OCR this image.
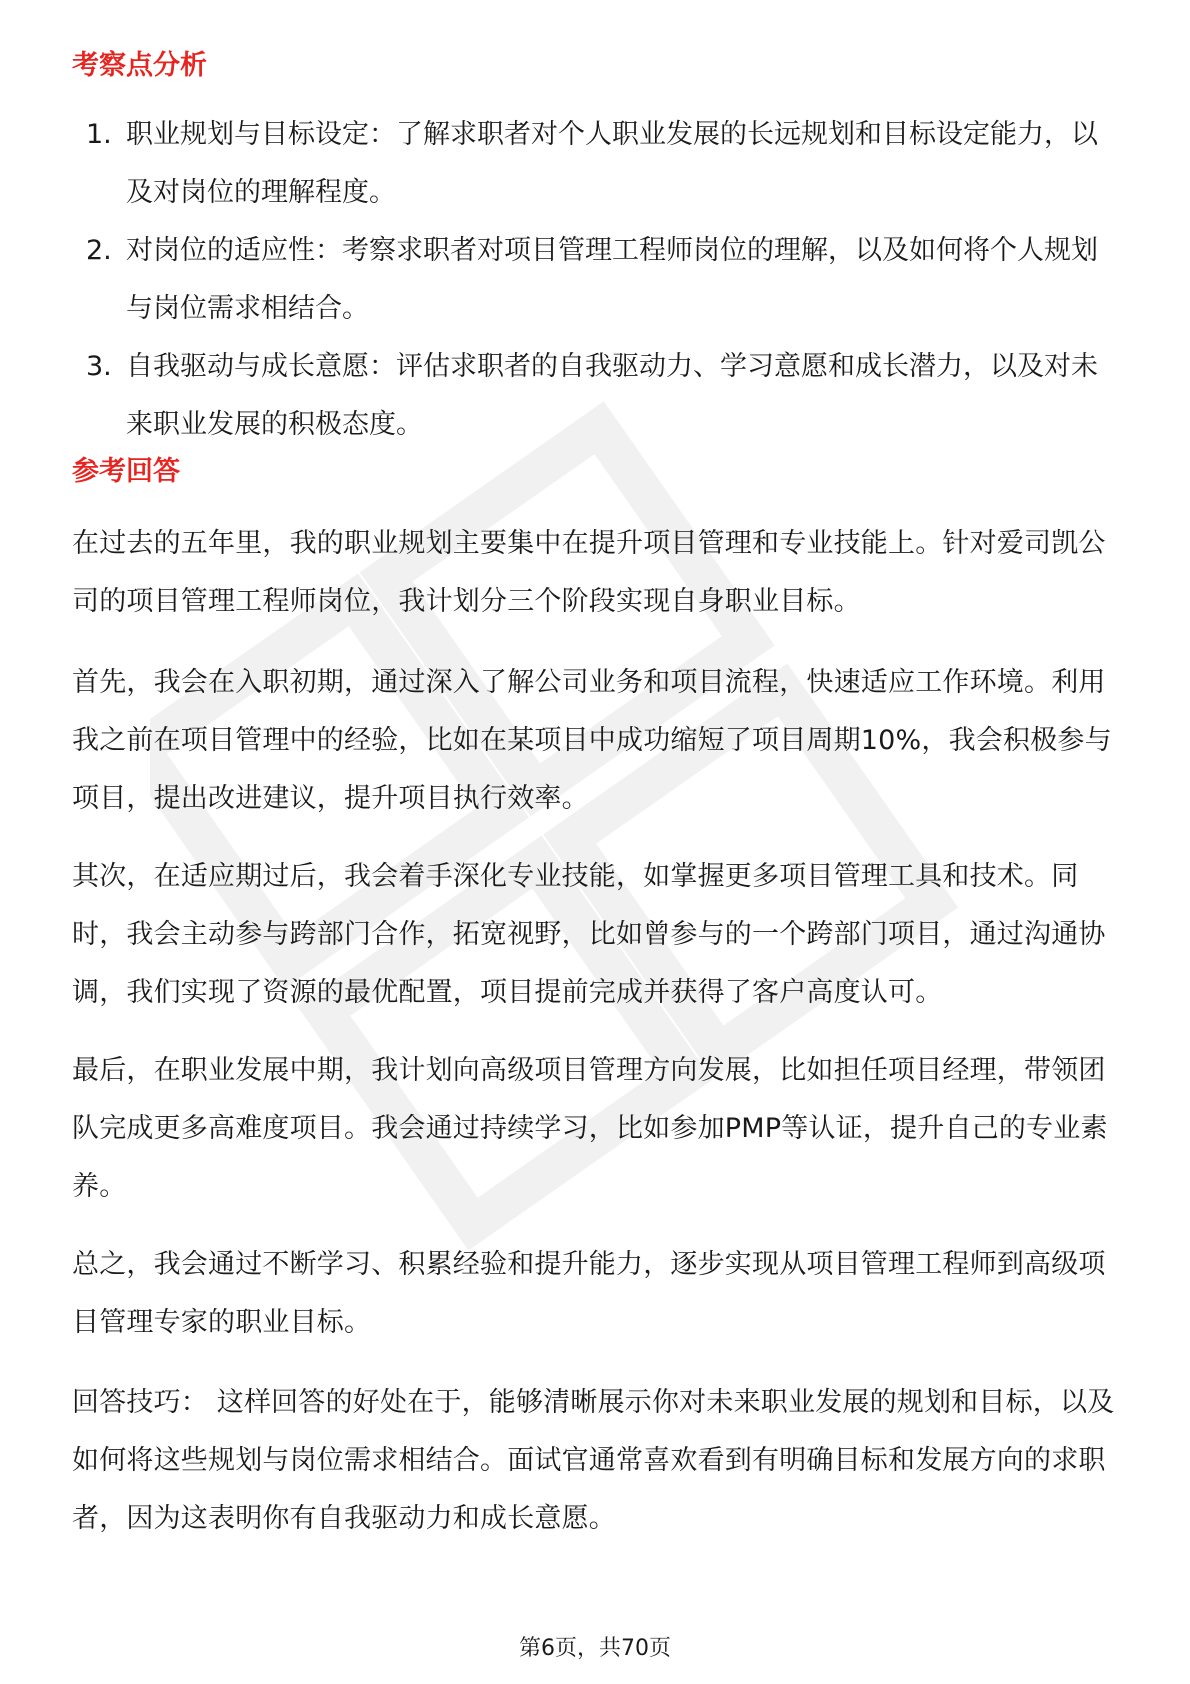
考察点分析
1. 职业规划与目标设定：了解求职者对个人职业发展的长远规划和目标设定能力，以及对岗位的理解程度。
2. 对岗位的适应性：考察求职者对项目管理工程师岗位的理解，以及如何将个人规划与岗位需求相结合。
3. 自我驱动与成长意愿：评估求职者的自我驱动力、学习意愿和成长潜力，以及对未来职业发展的积极态度。
参考回答

在过去的五年里，我的职业规划主要集中在提升项目管理和专业技能上。针对爱司凯公司的项目管理工程师岗位，我计划分三个阶段实现自身职业目标。

首先，我会在入职初期，通过深入了解公司业务和项目流程，快速适应工作环境。利用我之前在项目管理中的经验，比如在某项目中成功缩短了项目周期10%，我会积极参与项目，提出改进建议，提升项目执行效率。

其次，在适应期过后，我会着手深化专业技能，如掌握更多项目管理工具和技术。同时，我会主动参与跨部门合作，拓宽视野，比如曾参与的一个跨部门项目，通过沟通协调，我们实现了资源的最优配置，项目提前完成并获得了客户高度认可。

最后，在职业发展中期，我计划向高级项目管理方向发展，比如担任项目经理，带领团队完成更多高难度项目。我会通过持续学习，比如参加PMP等认证，提升自己的专业素养。

总之，我会通过不断学习、积累经验和提升能力，逐步实现从项目管理工程师到高级项目管理专家的职业目标。

回答技巧： 这样回答的好处在于，能够清晰展示你对未来职业发展的规划和目标，以及如何将这些规划与岗位需求相结合。面试官通常喜欢看到有明确目标和发展方向的求职者，因为这表明你有自我驱动力和成长意愿。

第6页，共70页
